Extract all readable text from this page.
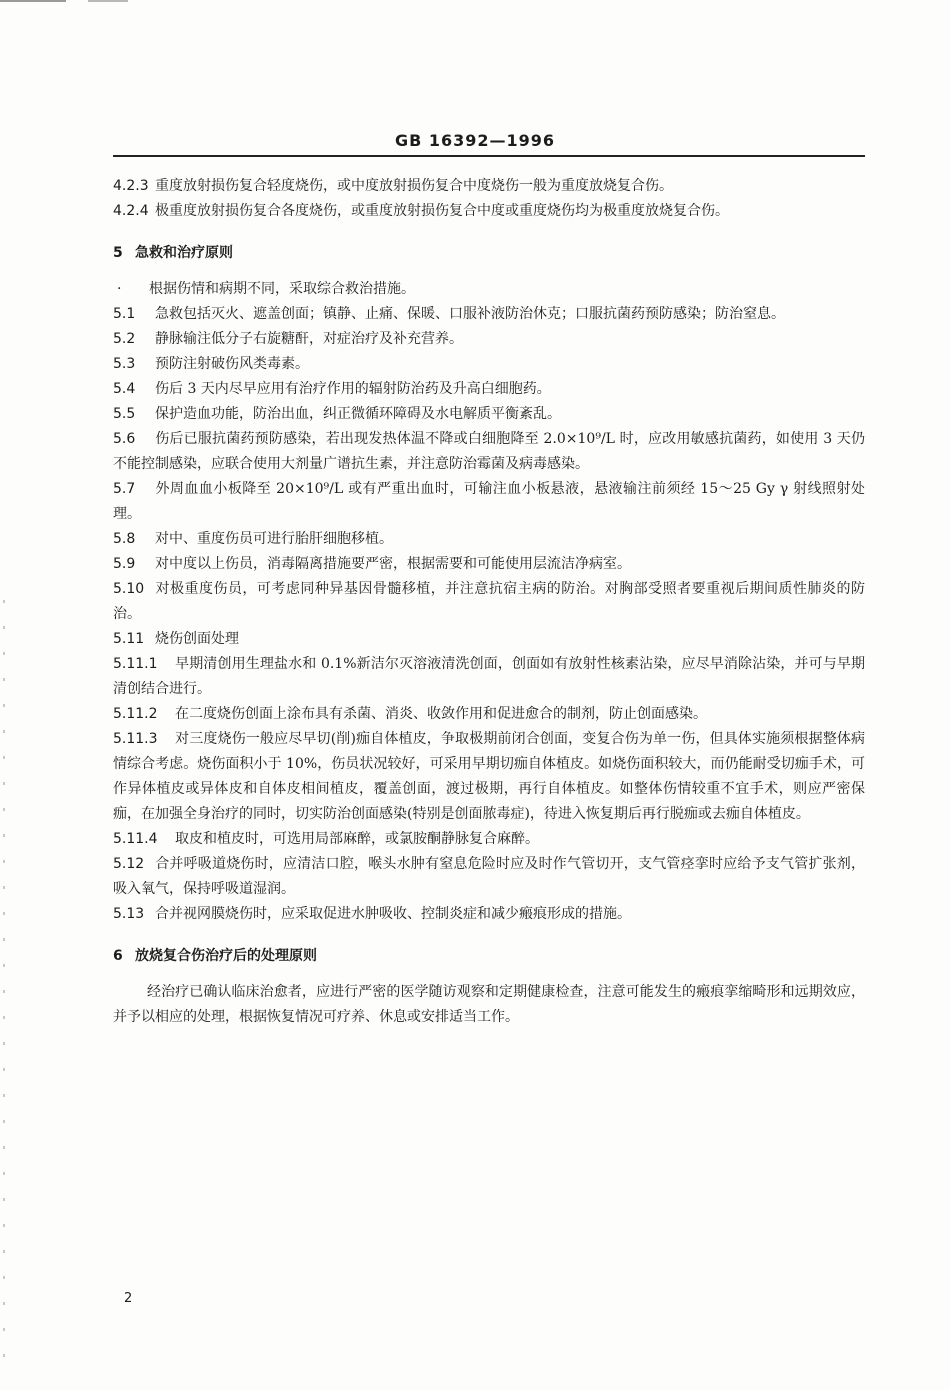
GB 16392—1996

4.2.3 重度放射损伤复合轻度烧伤，或中度放射损伤复合中度烧伤一般为重度放烧复合伤。

4.2.4 极重度放射损伤复合各度烧伤，或重度放射损伤复合中度或重度烧伤均为极重度放烧复合伤。

5 急救和治疗原则

· 根据伤情和病期不同，采取综合救治措施。

5.1 急救包括灭火、遮盖创面；镇静、止痛、保暖、口服补液防治休克；口服抗菌药预防感染；防治窒息。

5.2 静脉输注低分子右旋糖酐，对症治疗及补充营养。

5.3 预防注射破伤风类毒素。

5.4 伤后 3 天内尽早应用有治疗作用的辐射防治药及升高白细胞药。

5.5 保护造血功能，防治出血，纠正微循环障碍及水电解质平衡紊乱。

5.6 伤后已服抗菌药预防感染，若出现发热体温不降或白细胞降至 2.0×10⁹/L 时，应改用敏感抗菌药，如使用 3 天仍不能控制感染，应联合使用大剂量广谱抗生素，并注意防治霉菌及病毒感染。

5.7 外周血血小板降至 20×10⁹/L 或有严重出血时，可输注血小板悬液，悬液输注前须经 15～25 Gy γ 射线照射处理。

5.8 对中、重度伤员可进行胎肝细胞移植。

5.9 对中度以上伤员，消毒隔离措施要严密，根据需要和可能使用层流洁净病室。

5.10 对极重度伤员，可考虑同种异基因骨髓移植，并注意抗宿主病的防治。对胸部受照者要重视后期间质性肺炎的防治。

5.11 烧伤创面处理

5.11.1 早期清创用生理盐水和 0.1%新洁尔灭溶液清洗创面，创面如有放射性核素沾染，应尽早消除沾染，并可与早期清创结合进行。

5.11.2 在二度烧伤创面上涂布具有杀菌、消炎、收敛作用和促进愈合的制剂，防止创面感染。

5.11.3 对三度烧伤一般应尽早切(削)痂自体植皮，争取极期前闭合创面，变复合伤为单一伤，但具体实施须根据整体病情综合考虑。烧伤面积小于 10%，伤员状况较好，可采用早期切痂自体植皮。如烧伤面积较大，而仍能耐受切痂手术，可作异体植皮或异体皮和自体皮相间植皮，覆盖创面，渡过极期，再行自体植皮。如整体伤情较重不宜手术，则应严密保痂，在加强全身治疗的同时，切实防治创面感染(特别是创面脓毒症)，待进入恢复期后再行脱痂或去痂自体植皮。

5.11.4 取皮和植皮时，可选用局部麻醉，或氯胺酮静脉复合麻醉。

5.12 合并呼吸道烧伤时，应清洁口腔，喉头水肿有窒息危险时应及时作气管切开，支气管痉挛时应给予支气管扩张剂，吸入氧气，保持呼吸道湿润。

5.13 合并视网膜烧伤时，应采取促进水肿吸收、控制炎症和减少瘢痕形成的措施。

6 放烧复合伤治疗后的处理原则

经治疗已确认临床治愈者，应进行严密的医学随访观察和定期健康检查，注意可能发生的瘢痕挛缩畸形和远期效应，并予以相应的处理，根据恢复情况可疗养、休息或安排适当工作。

2
